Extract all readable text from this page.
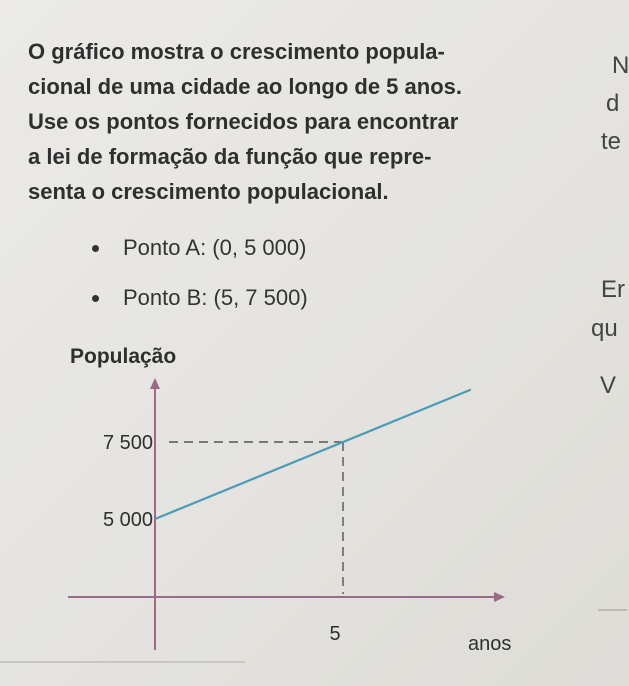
O gráfico mostra o crescimento popula-
cional de uma cidade ao longo de 5 anos.
Use os pontos fornecidos para encontrar
a lei de formação da função que repre-
senta o crescimento populacional.
Ponto A: (0, 5 000)
Ponto B: (5, 7 500)
N
d
te
Er
qu
V
População
anos
5 000
7 500
5
